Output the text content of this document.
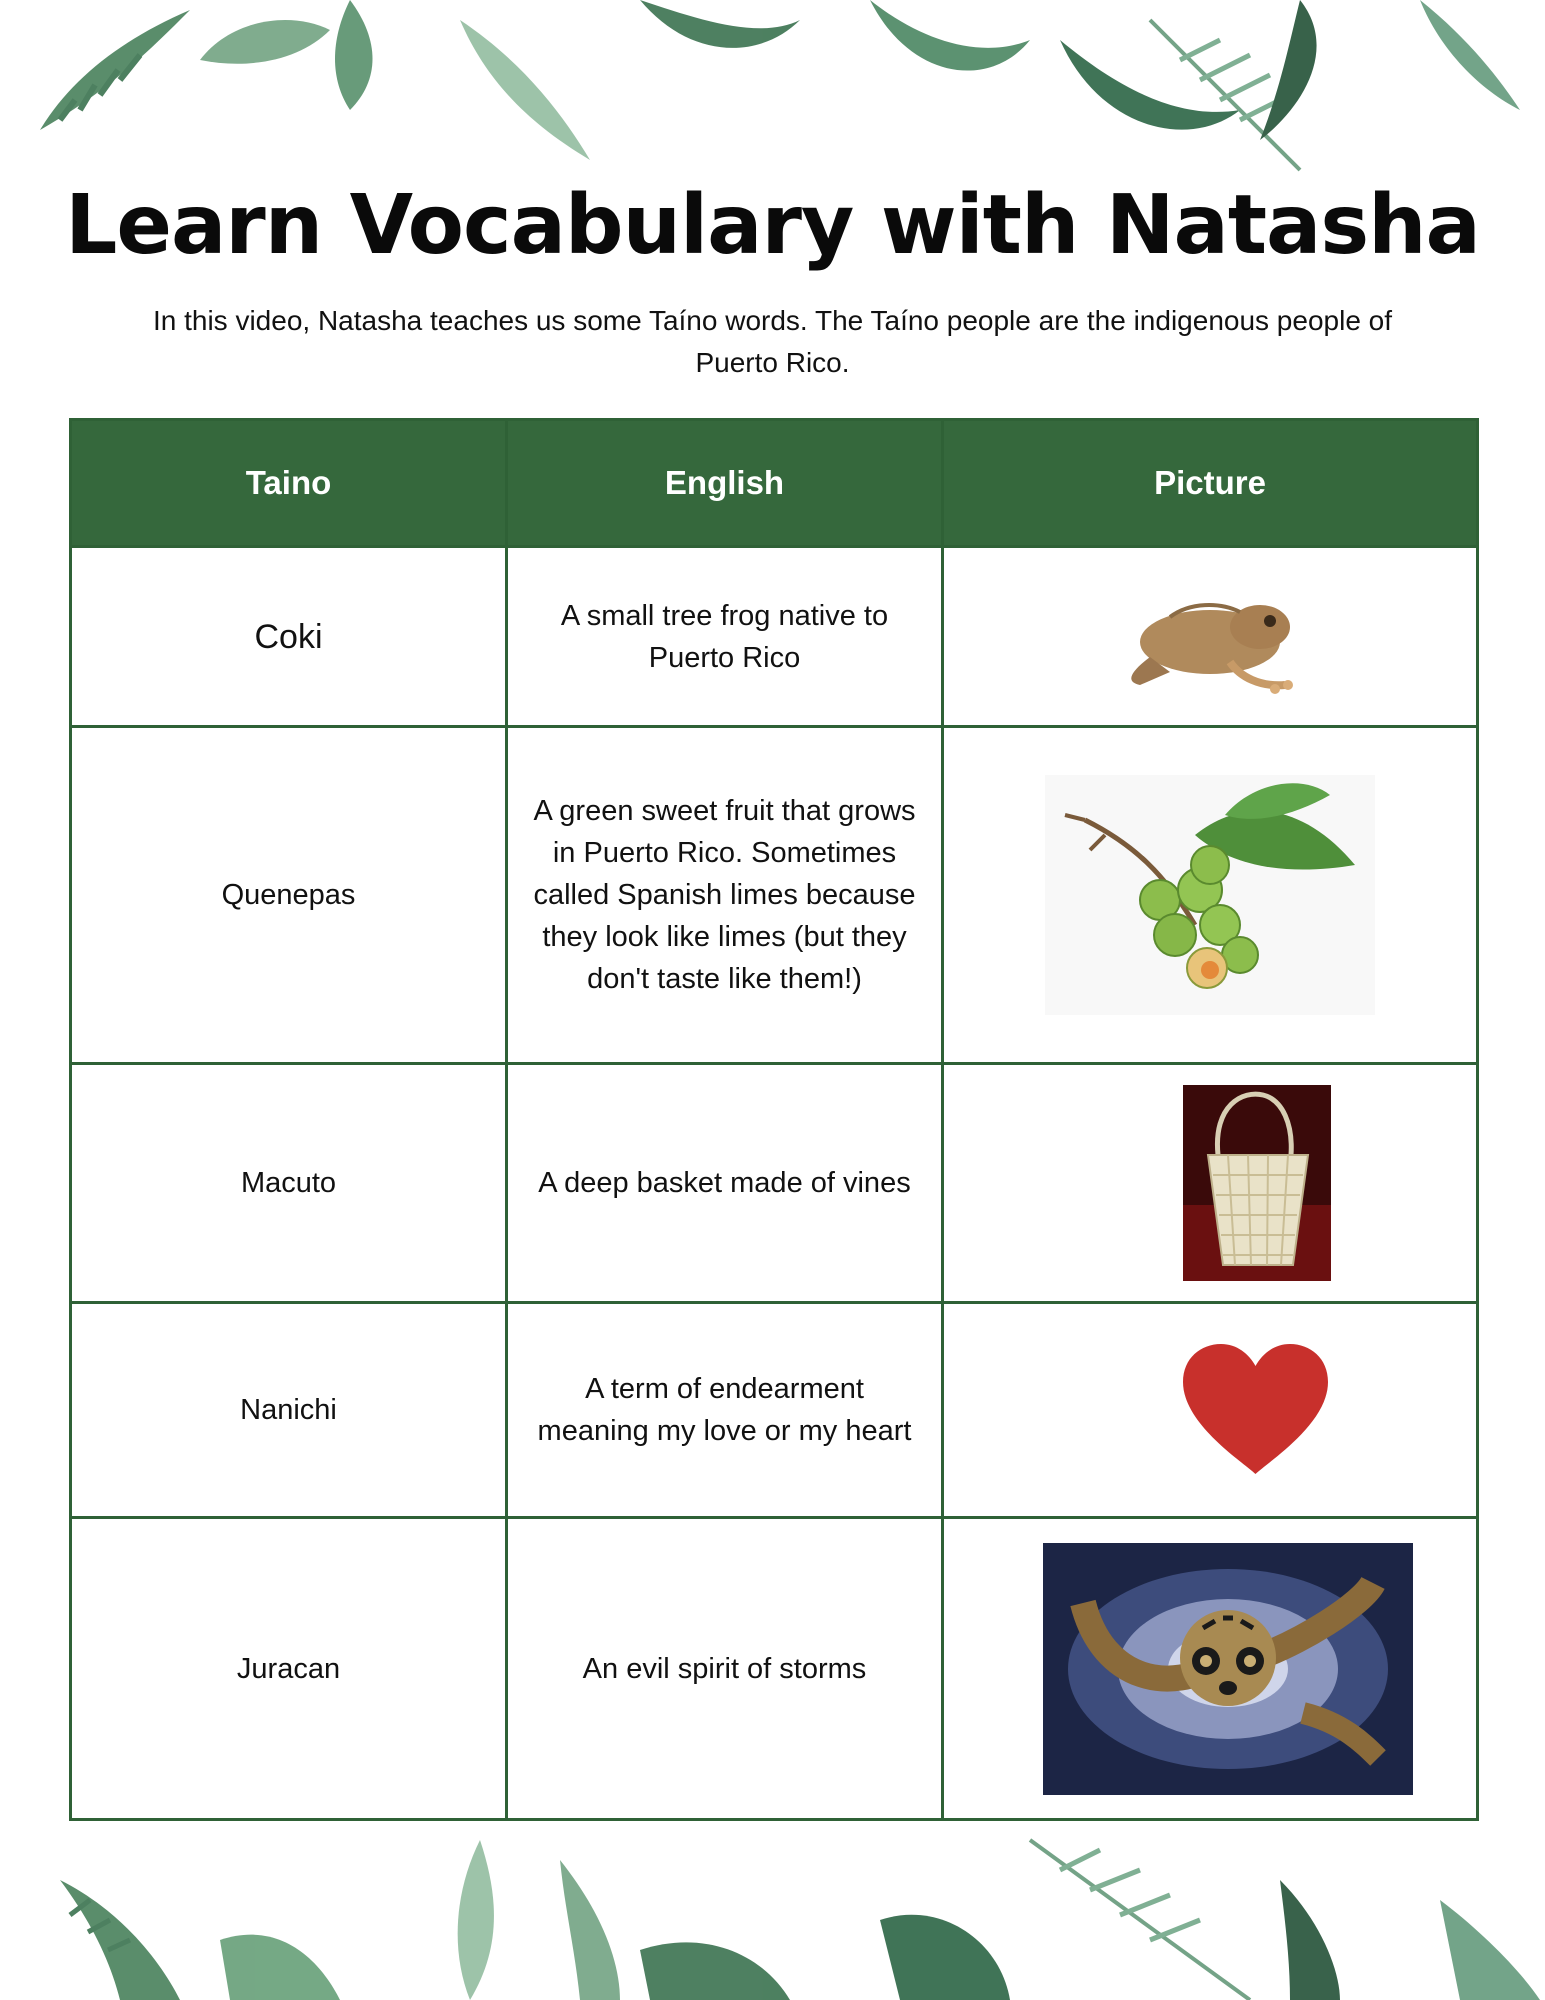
Learn Vocabulary with Natasha

In this video, Natasha teaches us some Taíno words. The Taíno people are the indigenous people of Puerto Rico.

Taino	English	Picture
Coki	A small tree frog native to Puerto Rico	

Quenepas	A green sweet fruit that grows in Puerto Rico. Sometimes called Spanish limes because they look like limes (but they don't taste like them!)	

Macuto	A deep basket made of vines	

Nanichi	A term of endearment meaning my love or my heart	

Juracan	An evil spirit of storms	
